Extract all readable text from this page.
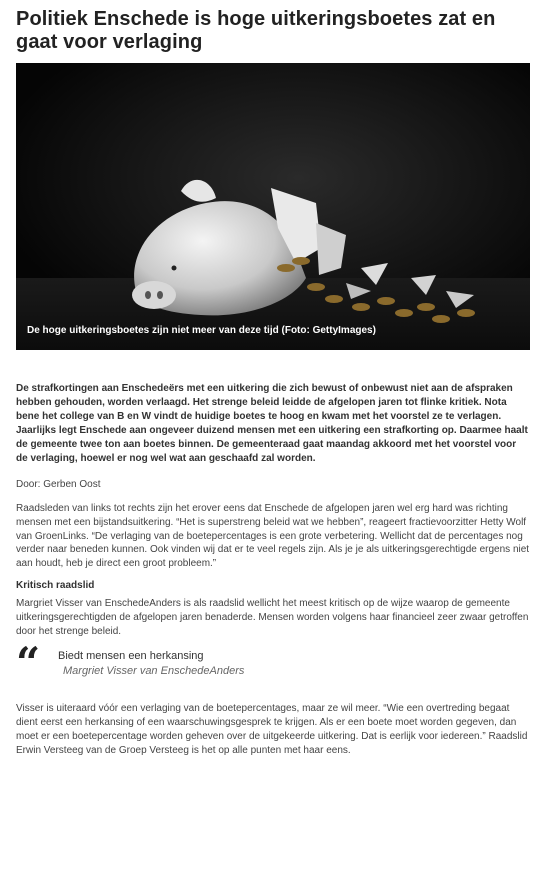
Politiek Enschede is hoge uitkeringsboetes zat en gaat voor verlaging
De hoge uitkeringsboetes zijn niet meer van deze tijd (Foto: GettyImages)
De strafkortingen aan Enschedeërs met een uitkering die zich bewust of onbewust niet aan de afspraken hebben gehouden, worden verlaagd. Het strenge beleid leidde de afgelopen jaren tot flinke kritiek. Nota bene het college van B en W vindt de huidige boetes te hoog en kwam met het voorstel ze te verlagen. Jaarlijks legt Enschede aan ongeveer duizend mensen met een uitkering een strafkorting op. Daarmee haalt de gemeente twee ton aan boetes binnen. De gemeenteraad gaat maandag akkoord met het voorstel voor de verlaging, hoewel er nog wel wat aan geschaafd zal worden.
Door: Gerben Oost
Raadsleden van links tot rechts zijn het erover eens dat Enschede de afgelopen jaren wel erg hard was richting mensen met een bijstandsuitkering. “Het is superstreng beleid wat we hebben”, reageert fractievoorzitter Hetty Wolf van GroenLinks. “De verlaging van de boetepercentages is een grote verbetering. Wellicht dat de percentages nog verder naar beneden kunnen. Ook vinden wij dat er te veel regels zijn. Als je je als uitkeringsgerechtigde ergens niet aan houdt, heb je direct een groot probleem.”
Kritisch raadslid
Margriet Visser van EnschedeAnders is als raadslid wellicht het meest kritisch op de wijze waarop de gemeente uitkeringsgerechtigden de afgelopen jaren benaderde. Mensen worden volgens haar financieel zeer zwaar getroffen door het strenge beleid.
“ Biedt mensen een herkansing
Margriet Visser van EnschedeAnders
Visser is uiteraard vóór een verlaging van de boetepercentages, maar ze wil meer. “Wie een overtreding begaat dient eerst een herkansing of een waarschuwingsgesprek te krijgen. Als er een boete moet worden gegeven, dan moet er een boetepercentage worden geheven over de uitgekeerde uitkering. Dat is eerlijk voor iedereen.” Raadslid Erwin Versteeg van de Groep Versteeg is het op alle punten met haar eens.
